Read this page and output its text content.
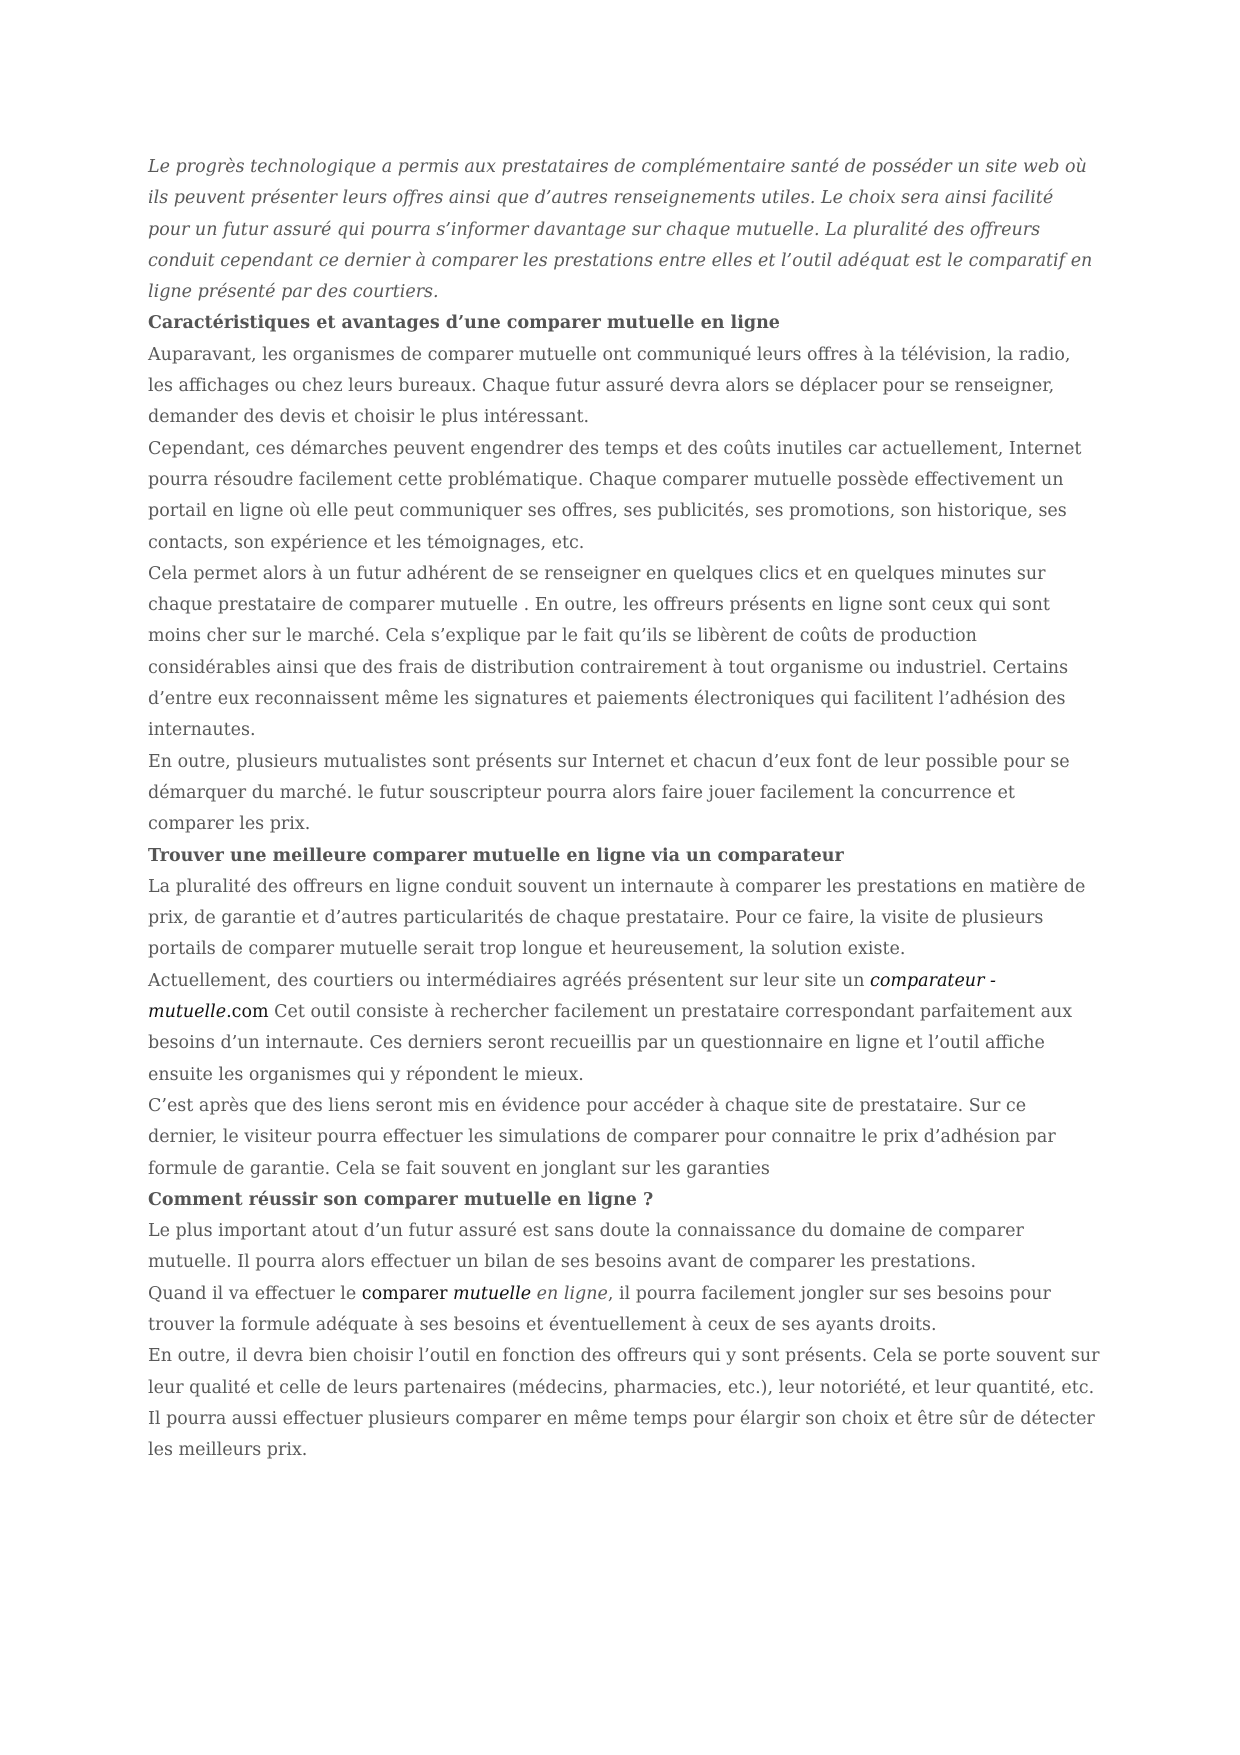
Le progrès technologique a permis aux prestataires de complémentaire santé de posséder un site web où ils peuvent présenter leurs offres ainsi que d’autres renseignements utiles. Le choix sera ainsi facilité pour un futur assuré qui pourra s’informer davantage sur chaque mutuelle. La pluralité des offreurs conduit cependant ce dernier à comparer les prestations entre elles et l’outil adéquat est le comparatif en ligne présenté par des courtiers.

Caractéristiques et avantages d’une comparer mutuelle en ligne

Auparavant, les organismes de comparer mutuelle ont communiqué leurs offres à la télévision, la radio, les affichages ou chez leurs bureaux. Chaque futur assuré devra alors se déplacer pour se renseigner, demander des devis et choisir le plus intéressant.

Cependant, ces démarches peuvent engendrer des temps et des coûts inutiles car actuellement, Internet pourra résoudre facilement cette problématique. Chaque comparer mutuelle possède effectivement un portail en ligne où elle peut communiquer ses offres, ses publicités, ses promotions, son historique, ses contacts, son expérience et les témoignages, etc.

Cela permet alors à un futur adhérent de se renseigner en quelques clics et en quelques minutes sur chaque prestataire de comparer mutuelle . En outre, les offreurs présents en ligne sont ceux qui sont moins cher sur le marché. Cela s’explique par le fait qu’ils se libèrent de coûts de production considérables ainsi que des frais de distribution contrairement à tout organisme ou industriel. Certains d’entre eux reconnaissent même les signatures et paiements électroniques qui facilitent l’adhésion des internautes.

En outre, plusieurs mutualistes sont présents sur Internet et chacun d’eux font de leur possible pour se démarquer du marché. le futur souscripteur pourra alors faire jouer facilement la concurrence et comparer les prix.

Trouver une meilleure comparer mutuelle en ligne via un comparateur

La pluralité des offreurs en ligne conduit souvent un internaute à comparer les prestations en matière de prix, de garantie et d’autres particularités de chaque prestataire. Pour ce faire, la visite de plusieurs portails de comparer mutuelle serait trop longue et heureusement, la solution existe.

Actuellement, des courtiers ou intermédiaires agréés présentent sur leur site un comparateur -mutuelle.com Cet outil consiste à rechercher facilement un prestataire correspondant parfaitement aux besoins d’un internaute. Ces derniers seront recueillis par un questionnaire en ligne et l’outil affiche ensuite les organismes qui y répondent le mieux.

C’est après que des liens seront mis en évidence pour accéder à chaque site de prestataire. Sur ce dernier, le visiteur pourra effectuer les simulations de comparer pour connaitre le prix d’adhésion par formule de garantie. Cela se fait souvent en jonglant sur les garanties

Comment réussir son comparer mutuelle en ligne ?

Le plus important atout d’un futur assuré est sans doute la connaissance du domaine de comparer mutuelle. Il pourra alors effectuer un bilan de ses besoins avant de comparer les prestations.

Quand il va effectuer le comparer mutuelle en ligne, il pourra facilement jongler sur ses besoins pour trouver la formule adéquate à ses besoins et éventuellement à ceux de ses ayants droits.

En outre, il devra bien choisir l’outil en fonction des offreurs qui y sont présents. Cela se porte souvent sur leur qualité et celle de leurs partenaires (médecins, pharmacies, etc.), leur notoriété, et leur quantité, etc. Il pourra aussi effectuer plusieurs comparer en même temps pour élargir son choix et être sûr de détecter les meilleurs prix.
